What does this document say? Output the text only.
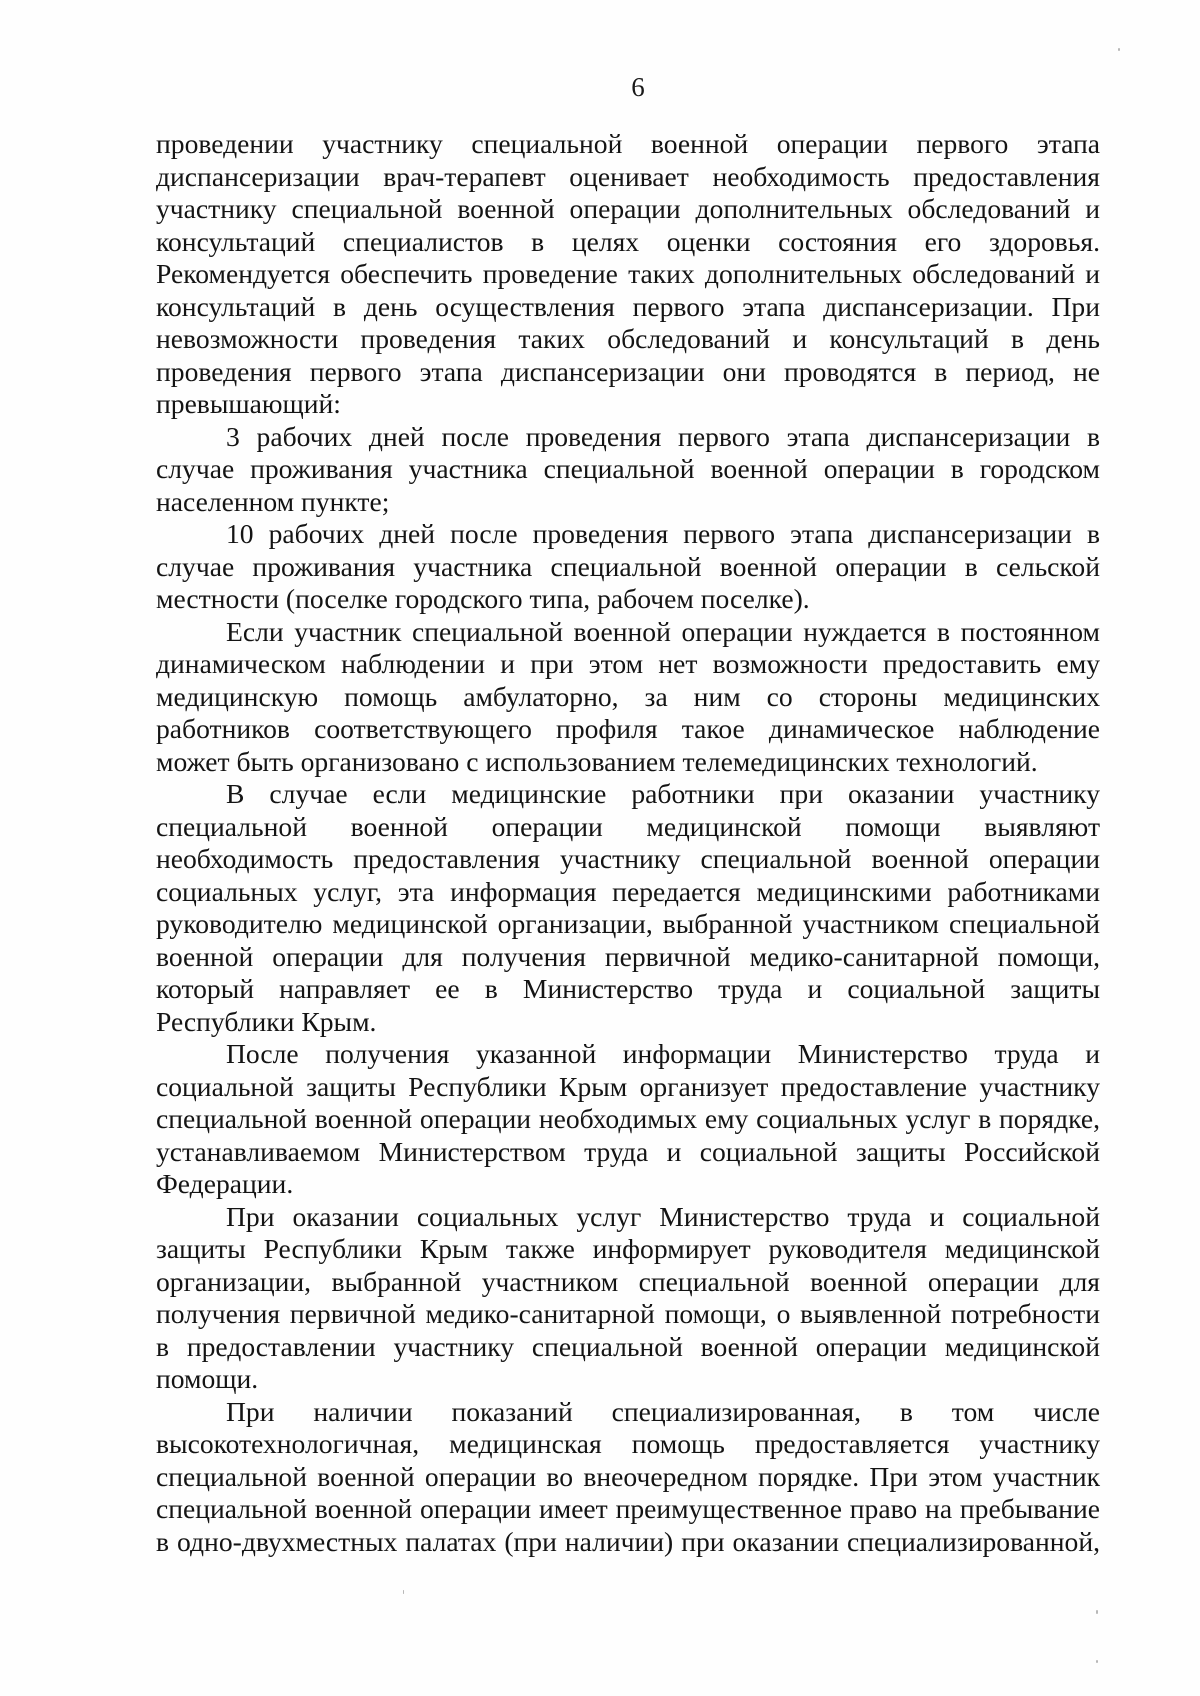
6

проведении участнику специальной военной операции первого этапа
диспансеризации врач-терапевт оценивает необходимость предоставления
участнику специальной военной операции дополнительных обследований и
консультаций специалистов в целях оценки состояния его здоровья.
Рекомендуется обеспечить проведение таких дополнительных обследований и
консультаций в день осуществления первого этапа диспансеризации. При
невозможности проведения таких обследований и консультаций в день
проведения первого этапа диспансеризации они проводятся в период, не
превышающий:

3 рабочих дней после проведения первого этапа диспансеризации в
случае проживания участника специальной военной операции в городском
населенном пункте;

10 рабочих дней после проведения первого этапа диспансеризации в
случае проживания участника специальной военной операции в сельской
местности (поселке городского типа, рабочем поселке).

Если участник специальной военной операции нуждается в постоянном
динамическом наблюдении и при этом нет возможности предоставить ему
медицинскую помощь амбулаторно, за ним со стороны медицинских
работников соответствующего профиля такое динамическое наблюдение
может быть организовано с использованием телемедицинских технологий.

В случае если медицинские работники при оказании участнику
специальной военной операции медицинской помощи выявляют
необходимость предоставления участнику специальной военной операции
социальных услуг, эта информация передается медицинскими работниками
руководителю медицинской организации, выбранной участником специальной
военной операции для получения первичной медико-санитарной помощи,
который направляет ее в Министерство труда и социальной защиты
Республики Крым.

После получения указанной информации Министерство труда и
социальной защиты Республики Крым организует предоставление участнику
специальной военной операции необходимых ему социальных услуг в порядке,
устанавливаемом Министерством труда и социальной защиты Российской
Федерации.

При оказании социальных услуг Министерство труда и социальной
защиты Республики Крым также информирует руководителя медицинской
организации, выбранной участником специальной военной операции для
получения первичной медико-санитарной помощи, о выявленной потребности
в предоставлении участнику специальной военной операции медицинской
помощи.

При наличии показаний специализированная, в том числе
высокотехнологичная, медицинская помощь предоставляется участнику
специальной военной операции во внеочередном порядке. При этом участник
специальной военной операции имеет преимущественное право на пребывание
в одно-двухместных палатах (при наличии) при оказании специализированной,
